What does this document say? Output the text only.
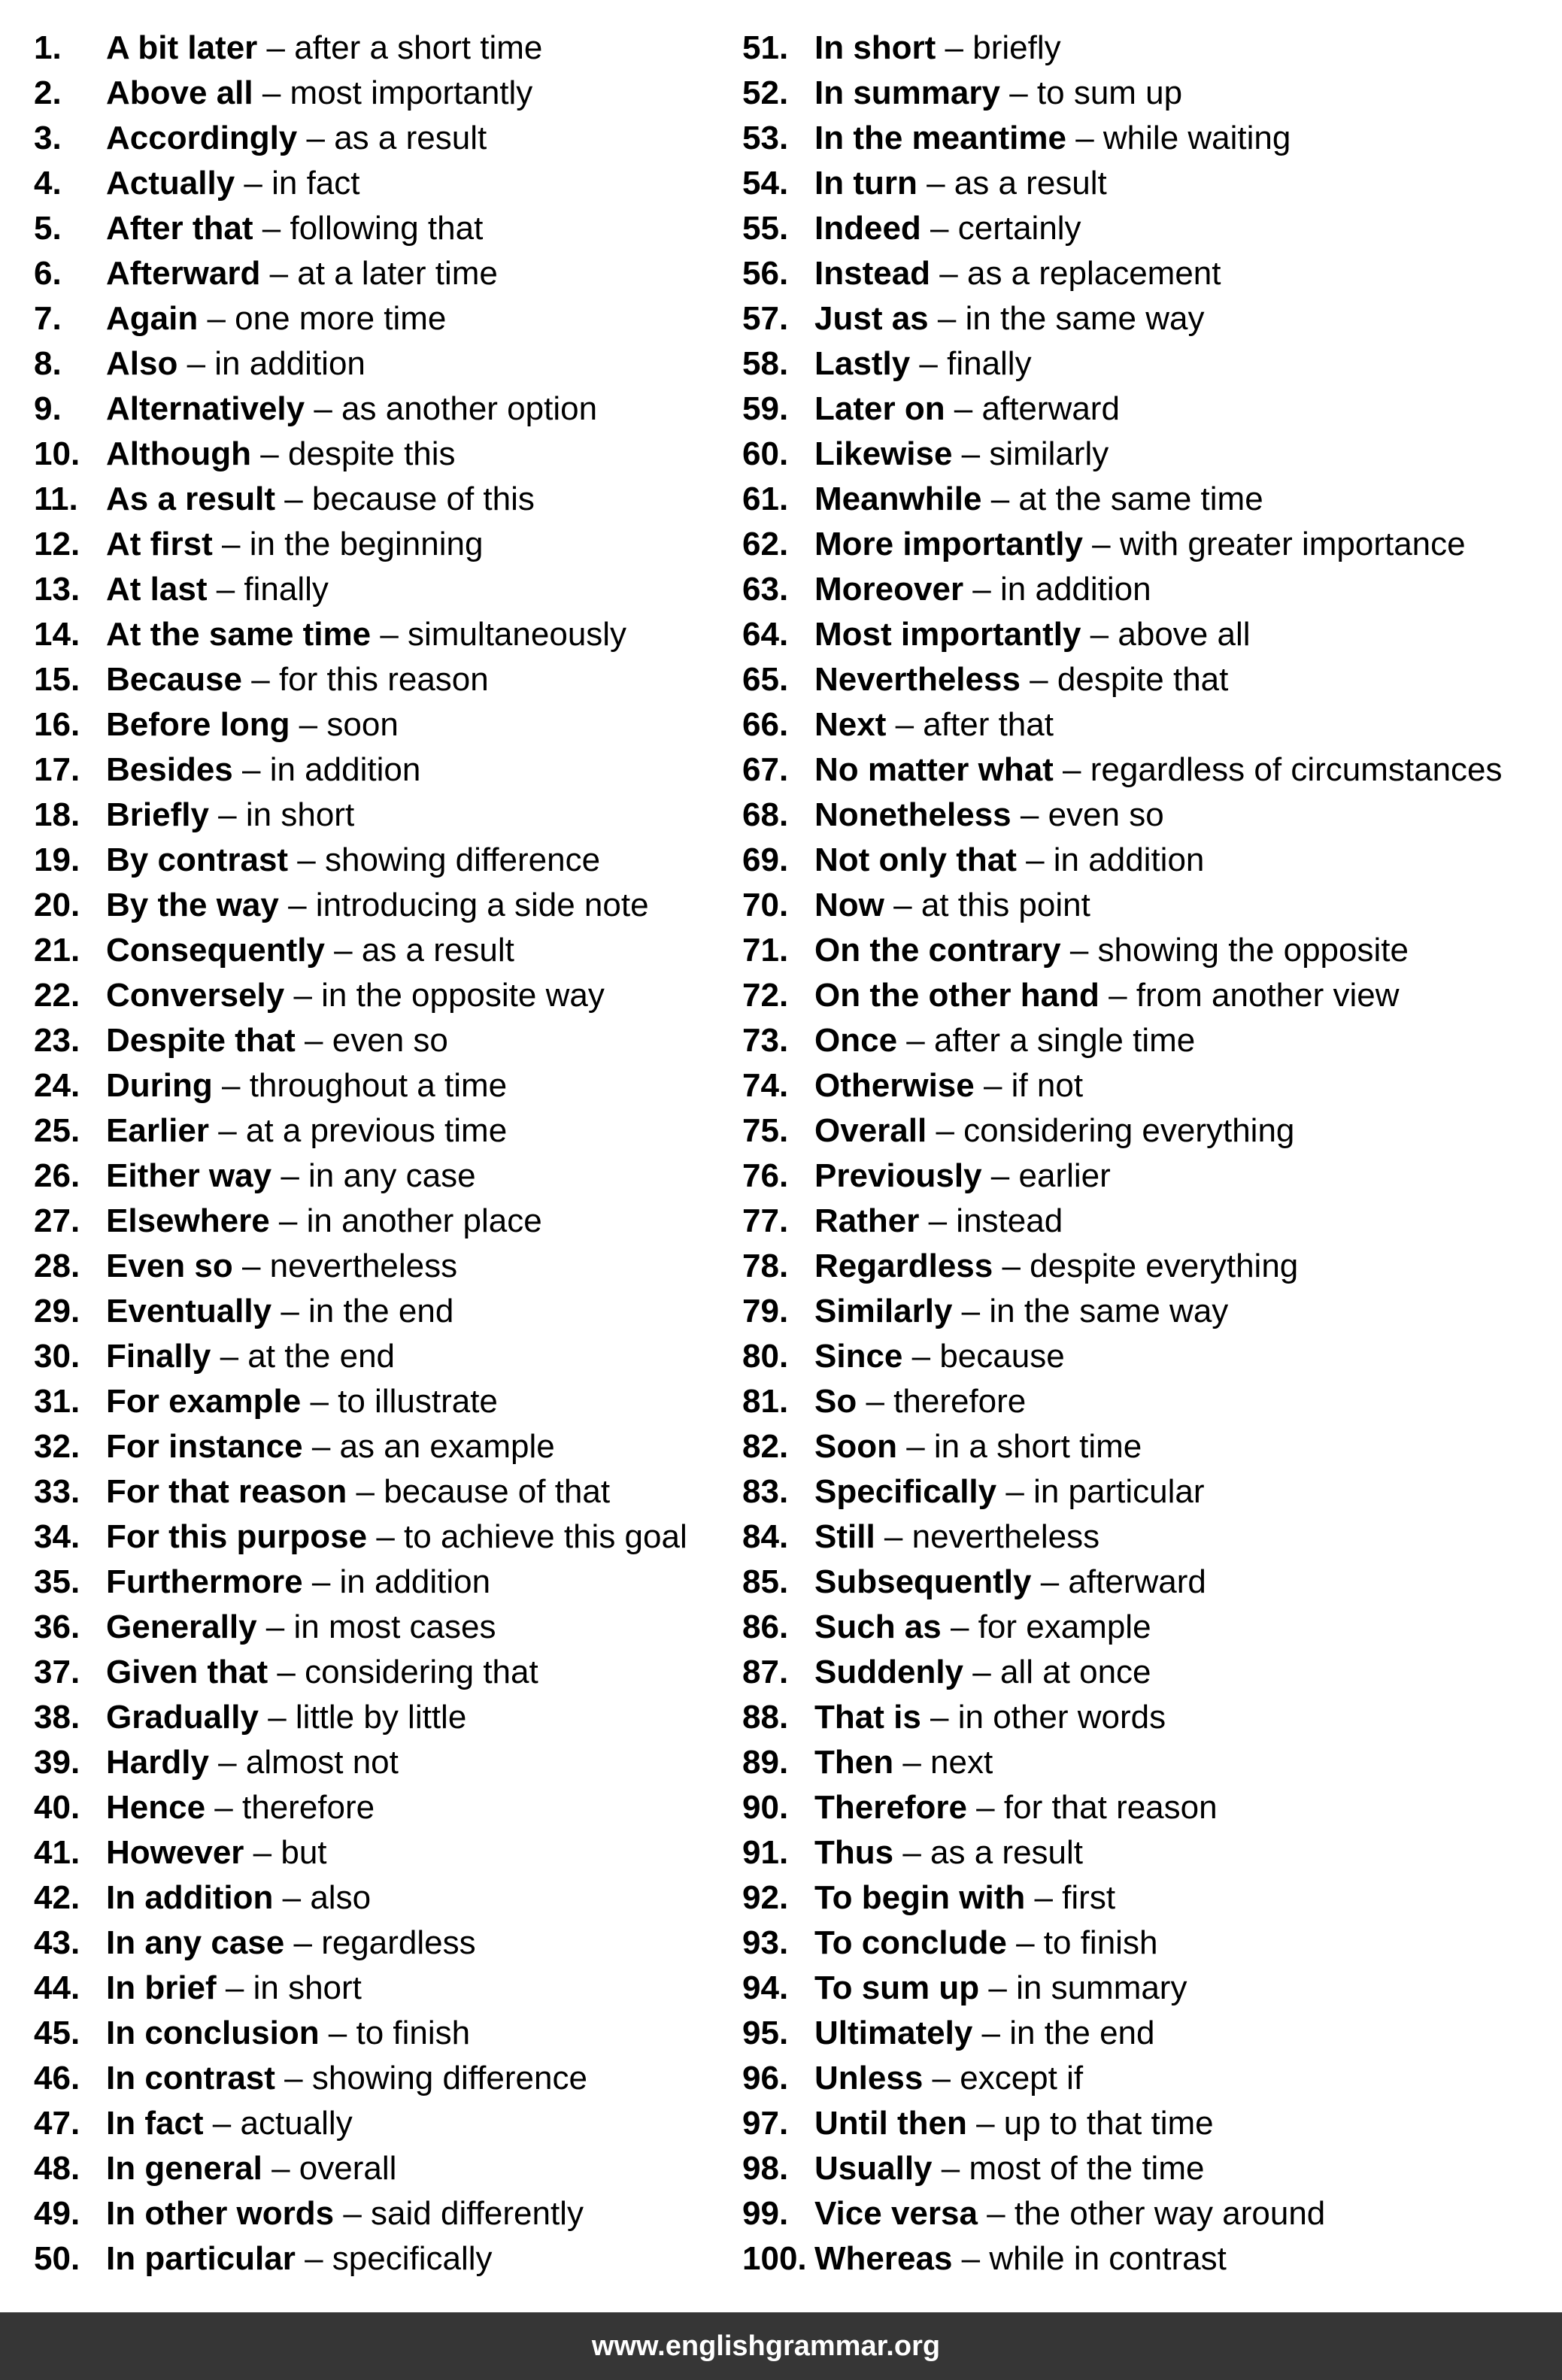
1. A bit later – after a short time
2. Above all – most importantly
3. Accordingly – as a result
4. Actually – in fact
5. After that – following that
6. Afterward – at a later time
7. Again – one more time
8. Also – in addition
9. Alternatively – as another option
10. Although – despite this
11. As a result – because of this
12. At first – in the beginning
13. At last – finally
14. At the same time – simultaneously
15. Because – for this reason
16. Before long – soon
17. Besides – in addition
18. Briefly – in short
19. By contrast – showing difference
20. By the way – introducing a side note
21. Consequently – as a result
22. Conversely – in the opposite way
23. Despite that – even so
24. During – throughout a time
25. Earlier – at a previous time
26. Either way – in any case
27. Elsewhere – in another place
28. Even so – nevertheless
29. Eventually – in the end
30. Finally – at the end
31. For example – to illustrate
32. For instance – as an example
33. For that reason – because of that
34. For this purpose – to achieve this goal
35. Furthermore – in addition
36. Generally – in most cases
37. Given that – considering that
38. Gradually – little by little
39. Hardly – almost not
40. Hence – therefore
41. However – but
42. In addition – also
43. In any case – regardless
44. In brief – in short
45. In conclusion – to finish
46. In contrast – showing difference
47. In fact – actually
48. In general – overall
49. In other words – said differently
50. In particular – specifically
51. In short – briefly
52. In summary – to sum up
53. In the meantime – while waiting
54. In turn – as a result
55. Indeed – certainly
56. Instead – as a replacement
57. Just as – in the same way
58. Lastly – finally
59. Later on – afterward
60. Likewise – similarly
61. Meanwhile – at the same time
62. More importantly – with greater importance
63. Moreover – in addition
64. Most importantly – above all
65. Nevertheless – despite that
66. Next – after that
67. No matter what – regardless of circumstances
68. Nonetheless – even so
69. Not only that – in addition
70. Now – at this point
71. On the contrary – showing the opposite
72. On the other hand – from another view
73. Once – after a single time
74. Otherwise – if not
75. Overall – considering everything
76. Previously – earlier
77. Rather – instead
78. Regardless – despite everything
79. Similarly – in the same way
80. Since – because
81. So – therefore
82. Soon – in a short time
83. Specifically – in particular
84. Still – nevertheless
85. Subsequently – afterward
86. Such as – for example
87. Suddenly – all at once
88. That is – in other words
89. Then – next
90. Therefore – for that reason
91. Thus – as a result
92. To begin with – first
93. To conclude – to finish
94. To sum up – in summary
95. Ultimately – in the end
96. Unless – except if
97. Until then – up to that time
98. Usually – most of the time
99. Vice versa – the other way around
100. Whereas – while in contrast
www.englishgrammar.org
